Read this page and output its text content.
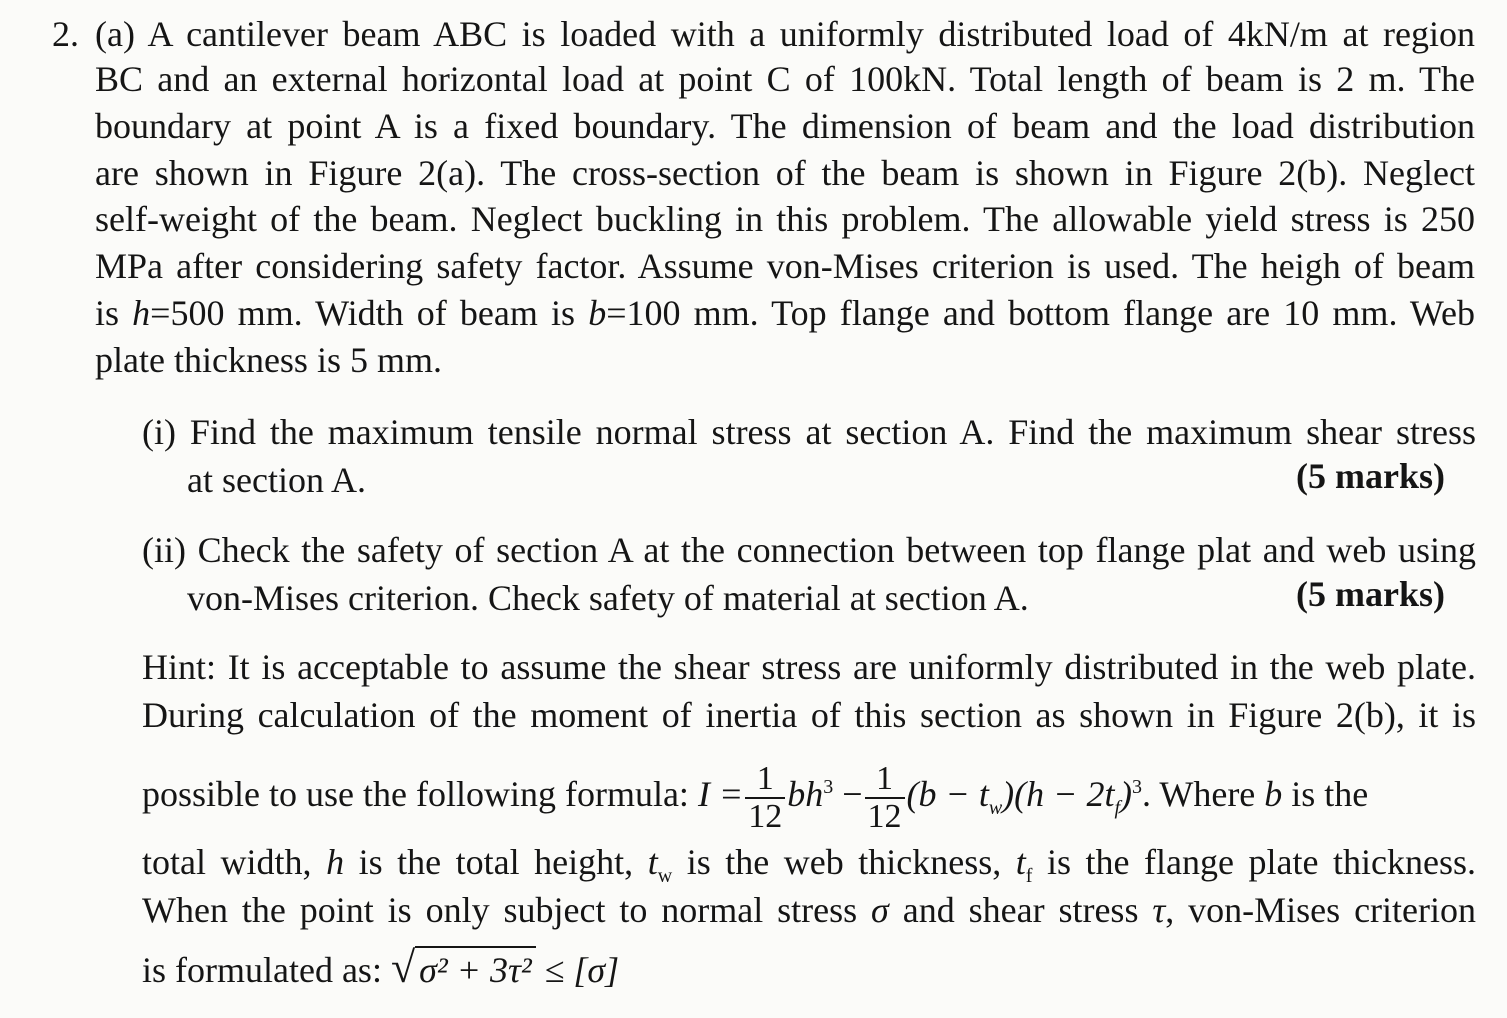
2. (a) A cantilever beam ABC is loaded with a uniformly distributed load of 4kN/m at region
BC and an external horizontal load at point C of 100kN. Total length of beam is 2 m. The
boundary at point A is a fixed boundary. The dimension of beam and the load distribution
are shown in Figure 2(a). The cross-section of the beam is shown in Figure 2(b). Neglect
self-weight of the beam. Neglect buckling in this problem. The allowable yield stress is 250
MPa after considering safety factor. Assume von-Mises criterion is used. The heigh of beam
is h=500 mm. Width of beam is b=100 mm. Top flange and bottom flange are 10 mm. Web
plate thickness is 5 mm.
(i) Find the maximum tensile normal stress at section A. Find the maximum shear stress
at section A.	(5 marks)
(ii) Check the safety of section A at the connection between top flange plat and web using
von-Mises criterion. Check safety of material at section A.	(5 marks)
Hint: It is acceptable to assume the shear stress are uniformly distributed in the web plate.
During calculation of the moment of inertia of this section as shown in Figure 2(b), it is
possible to use the following formula: $I = \frac{1}{12} bh^3 - \frac{1}{12} (b - t_w)(h - 2t_f)^3$. Where b is the
total width, h is the total height, $t_w$ is the web thickness, $t_f$ is the flange plate thickness.
When the point is only subject to normal stress σ and shear stress τ, von-Mises criterion
is formulated as: √ σ² + 3τ² ≤ [σ]
